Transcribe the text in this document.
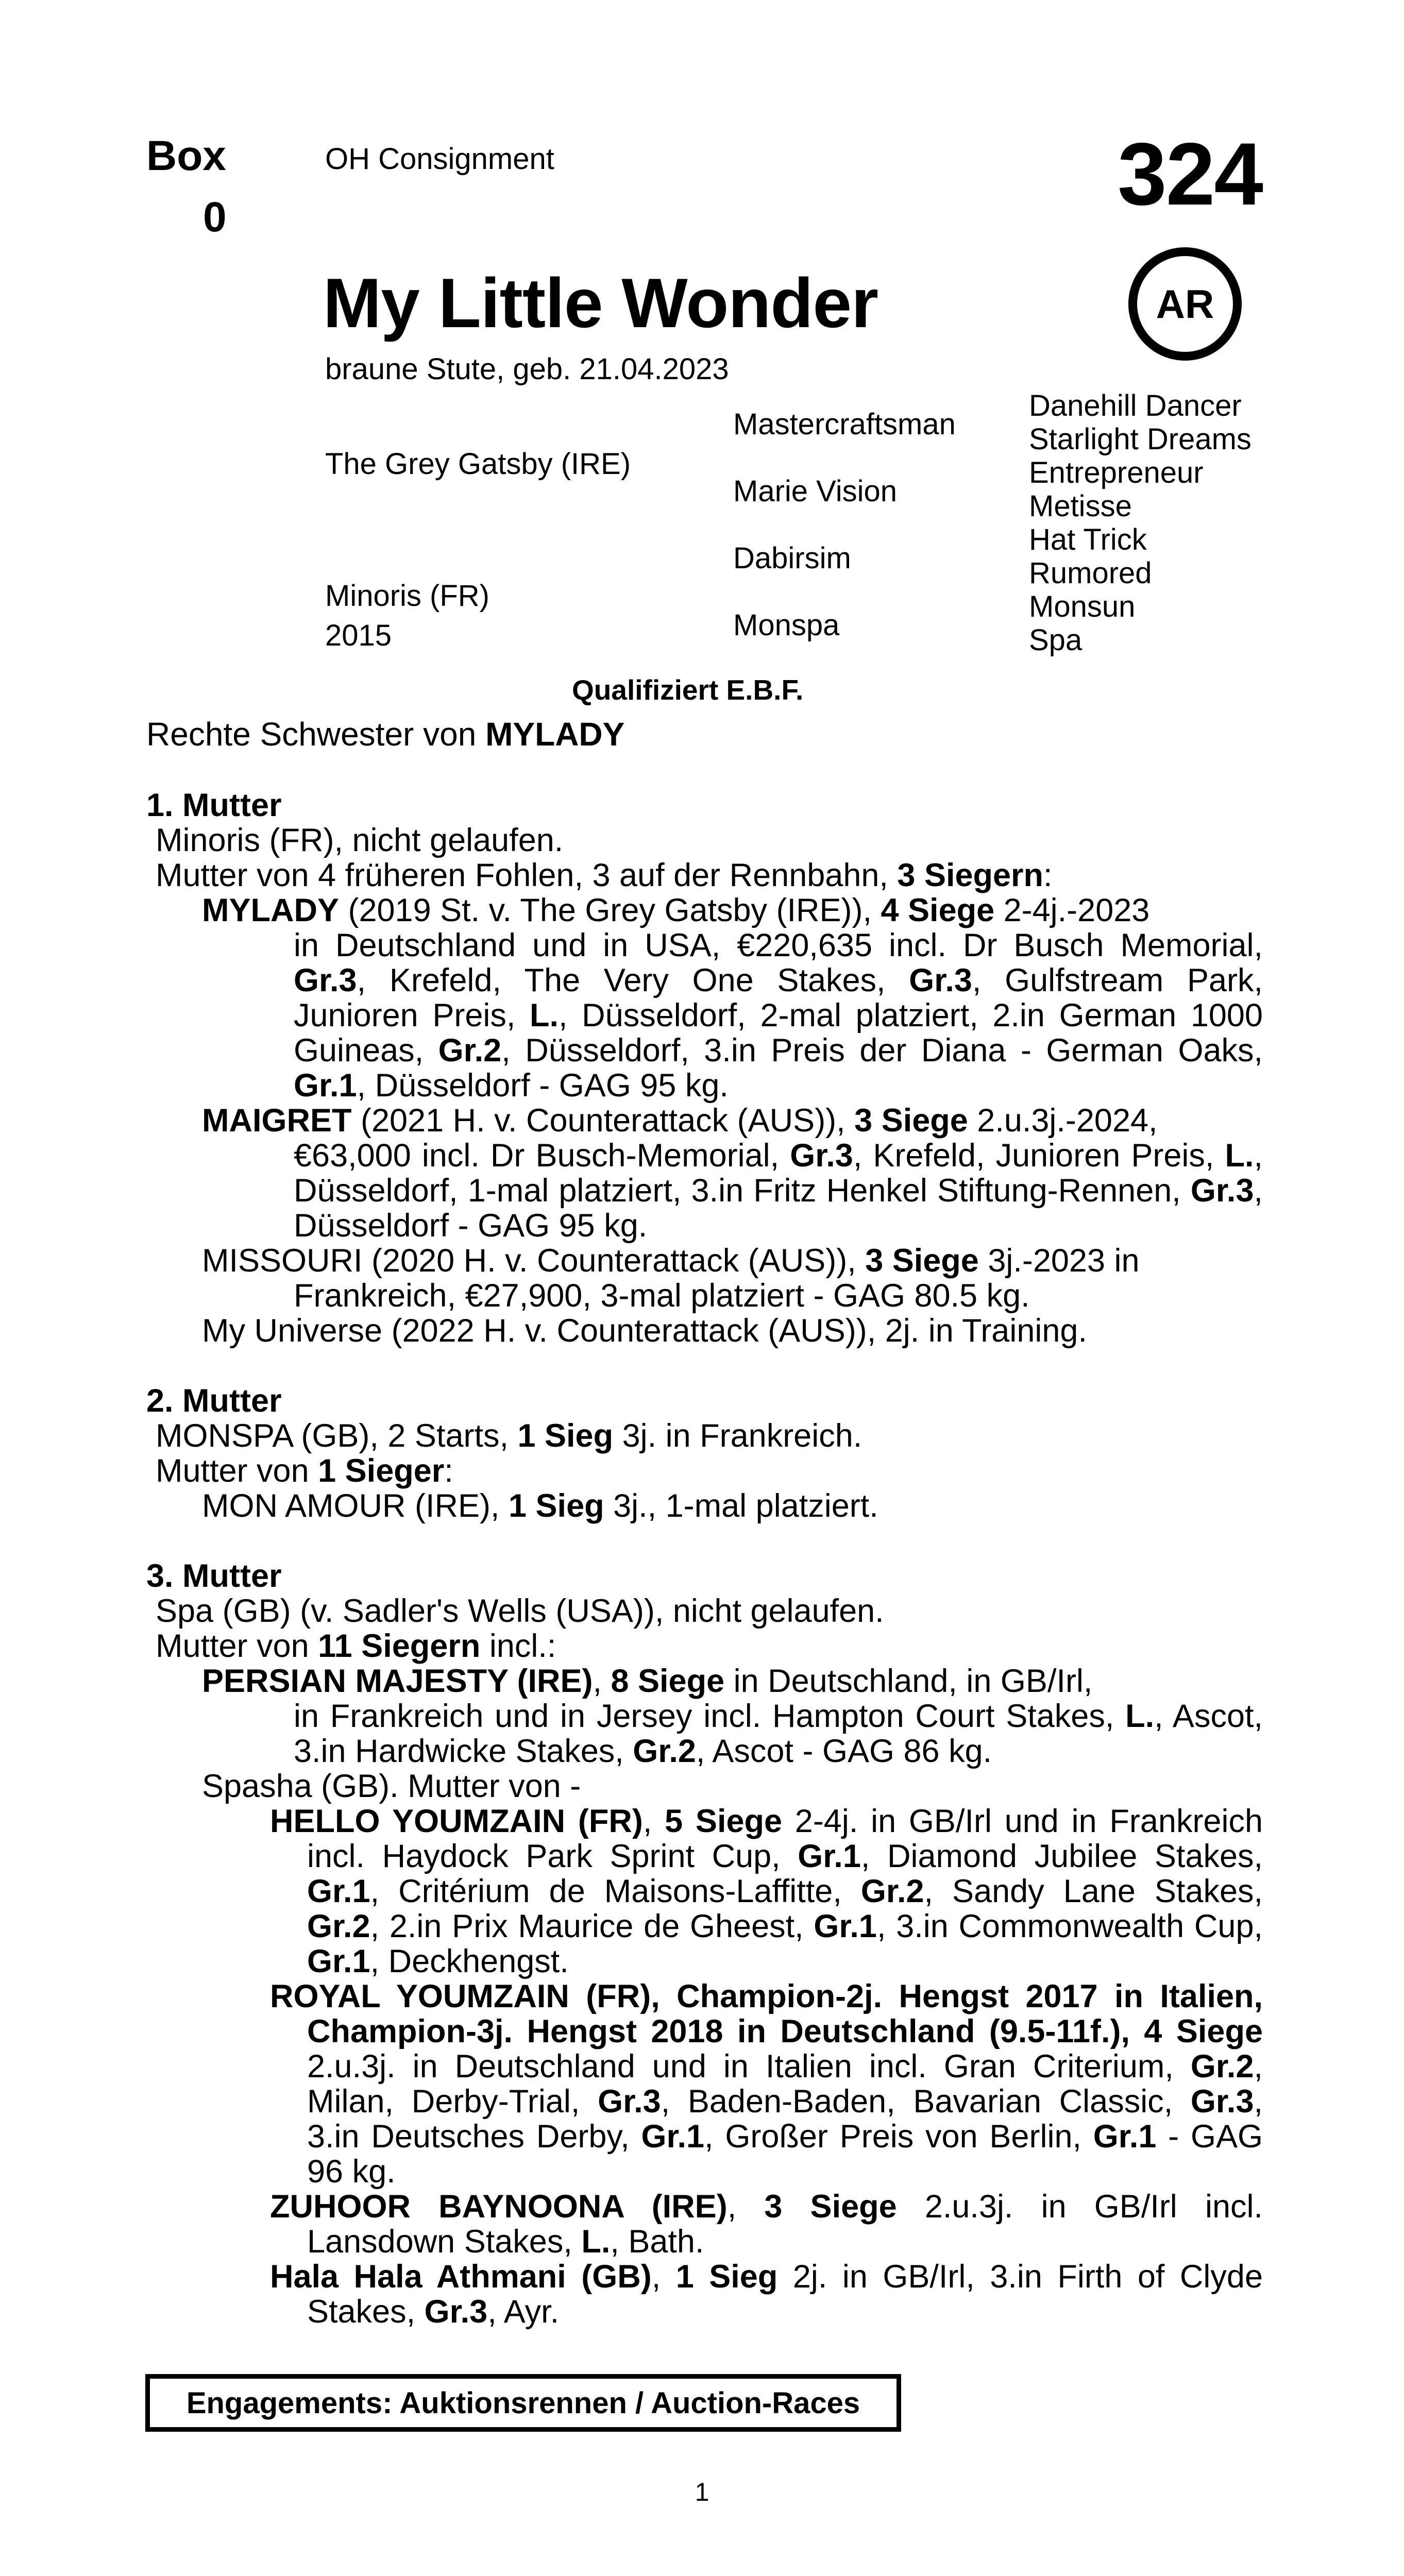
Box
0
OH Consignment	324
AR
My Little Wonder
braune Stute, geb. 21.04.2023
The Grey Gatsby (IRE)
Minoris (FR)
2015
Mastercraftsman
Marie Vision
Dabirsim
Monspa
Danehill Dancer
Starlight Dreams
Entrepreneur
Metisse
Hat Trick
Rumored
Monsun
Spa
Qualifiziert E.B.F.
Rechte Schwester von MYLADY
1. Mutter
Minoris (FR), nicht gelaufen.
Mutter von 4 früheren Fohlen, 3 auf der Rennbahn, 3 Siegern:
MYLADY (2019 St. v. The Grey Gatsby (IRE)), 4 Siege 2-4j.-2023
in Deutschland und in USA, €220,635 incl. Dr Busch Memorial, Gr.3, Krefeld, The Very One Stakes, Gr.3, Gulfstream Park, Junioren Preis, L., Düsseldorf, 2-mal platziert, 2.in German 1000 Guineas, Gr.2, Düsseldorf, 3.in Preis der Diana - German Oaks, Gr.1, Düsseldorf - GAG 95 kg.
MAIGRET (2021 H. v. Counterattack (AUS)), 3 Siege 2.u.3j.-2024,
€63,000 incl. Dr Busch-Memorial, Gr.3, Krefeld, Junioren Preis, L., Düsseldorf, 1-mal platziert, 3.in Fritz Henkel Stiftung-Rennen, Gr.3, Düsseldorf - GAG 95 kg.
MISSOURI (2020 H. v. Counterattack (AUS)), 3 Siege 3j.-2023 in
Frankreich, €27,900, 3-mal platziert - GAG 80.5 kg.
My Universe (2022 H. v. Counterattack (AUS)), 2j. in Training.
2. Mutter
MONSPA (GB), 2 Starts, 1 Sieg 3j. in Frankreich.
Mutter von 1 Sieger:
MON AMOUR (IRE), 1 Sieg 3j., 1-mal platziert.
3. Mutter
Spa (GB) (v. Sadler's Wells (USA)), nicht gelaufen.
Mutter von 11 Siegern incl.:
PERSIAN MAJESTY (IRE), 8 Siege in Deutschland, in GB/Irl,
in Frankreich und in Jersey incl. Hampton Court Stakes, L., Ascot, 3.in Hardwicke Stakes, Gr.2, Ascot - GAG 86 kg.
Spasha (GB). Mutter von -
HELLO YOUMZAIN (FR), 5 Siege 2-4j. in GB/Irl und in Frankreich incl. Haydock Park Sprint Cup, Gr.1, Diamond Jubilee Stakes, Gr.1, Critérium de Maisons-Laffitte, Gr.2, Sandy Lane Stakes, Gr.2, 2.in Prix Maurice de Gheest, Gr.1, 3.in Commonwealth Cup, Gr.1, Deckhengst.
ROYAL YOUMZAIN (FR), Champion-2j. Hengst 2017 in Italien, Champion-3j. Hengst 2018 in Deutschland (9.5-11f.), 4 Siege 2.u.3j. in Deutschland und in Italien incl. Gran Criterium, Gr.2, Milan, Derby-Trial, Gr.3, Baden-Baden, Bavarian Classic, Gr.3, 3.in Deutsches Derby, Gr.1, Großer Preis von Berlin, Gr.1 - GAG 96 kg.
ZUHOOR BAYNOONA (IRE), 3 Siege 2.u.3j. in GB/Irl incl. Lansdown Stakes, L., Bath.
Hala Hala Athmani (GB), 1 Sieg 2j. in GB/Irl, 3.in Firth of Clyde Stakes, Gr.3, Ayr.
Engagements: Auktionsrennen / Auction-Races
1
